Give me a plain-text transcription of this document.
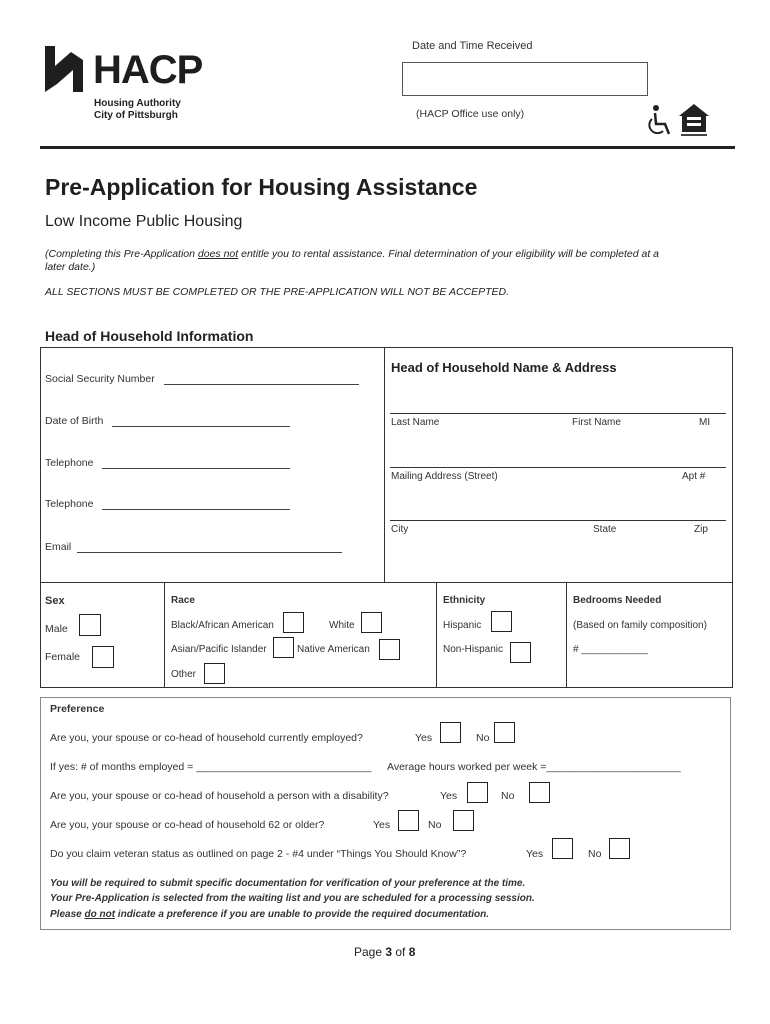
HACP
Housing Authority
City of Pittsburgh
Date and Time Received
(HACP Office use only)
Pre-Application for Housing Assistance
Low Income Public Housing
(Completing this Pre-Application does not entitle you to rental assistance. Final determination of your eligibility will be completed at a later date.)
ALL SECTIONS MUST BE COMPLETED OR THE PRE-APPLICATION WILL NOT BE ACCEPTED.
Head of Household Information
Social Security Number
Date of Birth
Telephone
Telephone
Email
Head of Household Name & Address
Last Name	First Name	MI
Mailing Address (Street)	Apt #
City	State	Zip
Sex
Male
Female
Race
Black/African American	White
Asian/Pacific Islander	Native American
Other
Ethnicity
Hispanic
Non-Hispanic
Bedrooms Needed
(Based on family composition)
# ____________
Preference
Are you, your spouse or co-head of household currently employed?	Yes	No
If yes: # of months employed = ______________________________ Average hours worked per week =_______________________
Are you, your spouse or co-head of household a person with a disability?	Yes	No
Are you, your spouse or co-head of household 62 or older?	Yes	No
Do you claim veteran status as outlined on page 2 - #4 under “Things You Should Know”?	Yes	No
You will be required to submit specific documentation for verification of your preference at the time.
Your Pre-Application is selected from the waiting list and you are scheduled for a processing session.
Please do not indicate a preference if you are unable to provide the required documentation.
Page 3 of 8
